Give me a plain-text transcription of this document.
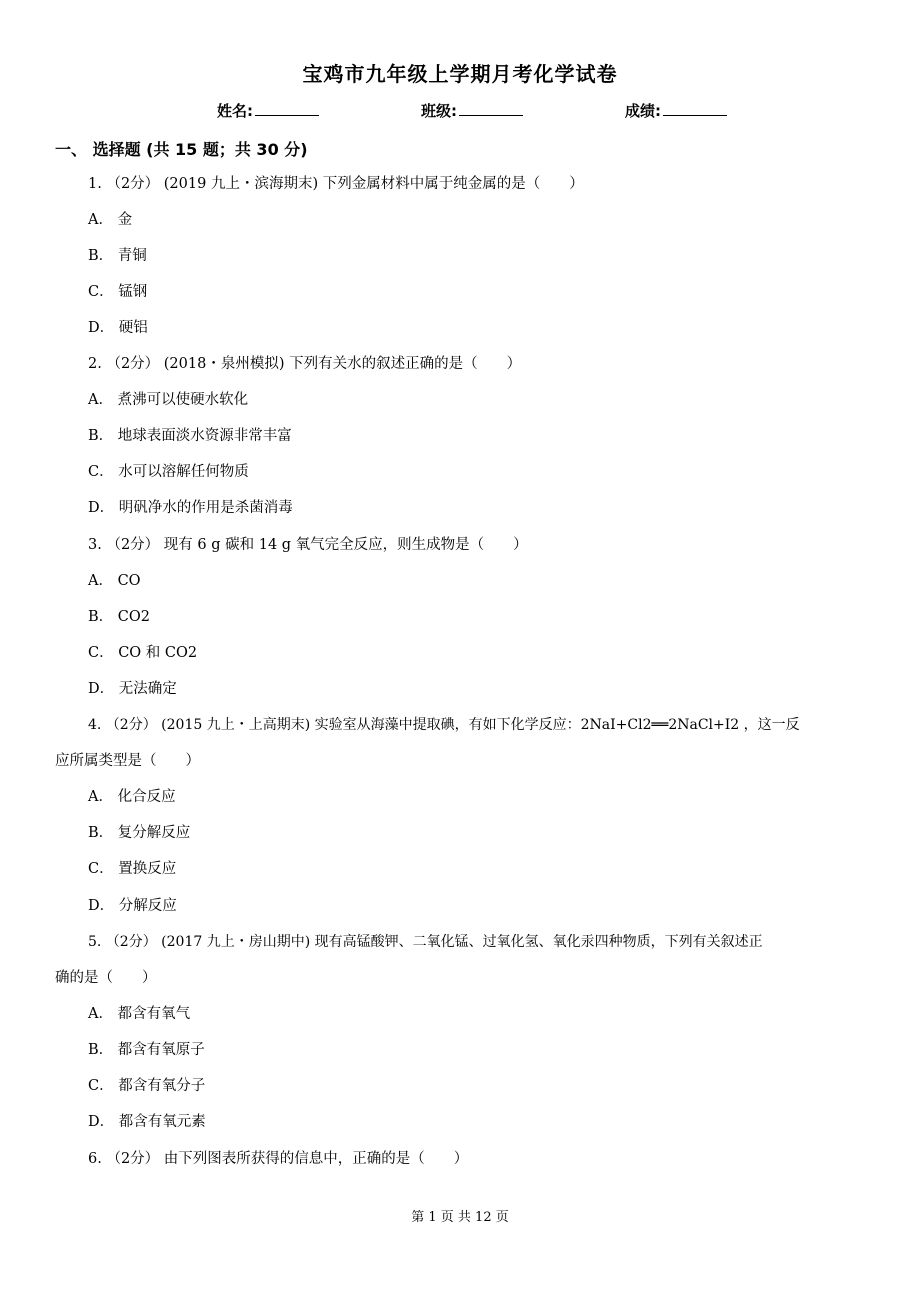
宝鸡市九年级上学期月考化学试卷
姓名:	班级:	成绩:
一、 选择题 (共 15 题；共 30 分)
1. （2分） (2019 九上・滨海期末) 下列金属材料中属于纯金属的是（　　）
A． 金
B． 青铜
C． 锰钢
D． 硬铝
2. （2分） (2018・泉州模拟) 下列有关水的叙述正确的是（　　）
A． 煮沸可以使硬水软化
B． 地球表面淡水资源非常丰富
C． 水可以溶解任何物质
D． 明矾净水的作用是杀菌消毒
3. （2分） 现有 6 g 碳和 14 g 氧气完全反应，则生成物是（　　）
A． CO
B． CO2
C． CO 和 CO2
D． 无法确定
4. （2分） (2015 九上・上高期末) 实验室从海藻中提取碘，有如下化学反应：2NaI+Cl2══2NaCl+I2 ，这一反
应所属类型是（　　）
A． 化合反应
B． 复分解反应
C． 置换反应
D． 分解反应
5. （2分） (2017 九上・房山期中) 现有高锰酸钾、二氧化锰、过氧化氢、氧化汞四种物质，下列有关叙述正
确的是（　　）
A． 都含有氧气
B． 都含有氧原子
C． 都含有氧分子
D． 都含有氧元素
6. （2分） 由下列图表所获得的信息中，正确的是（　　）
第 1 页 共 12 页
